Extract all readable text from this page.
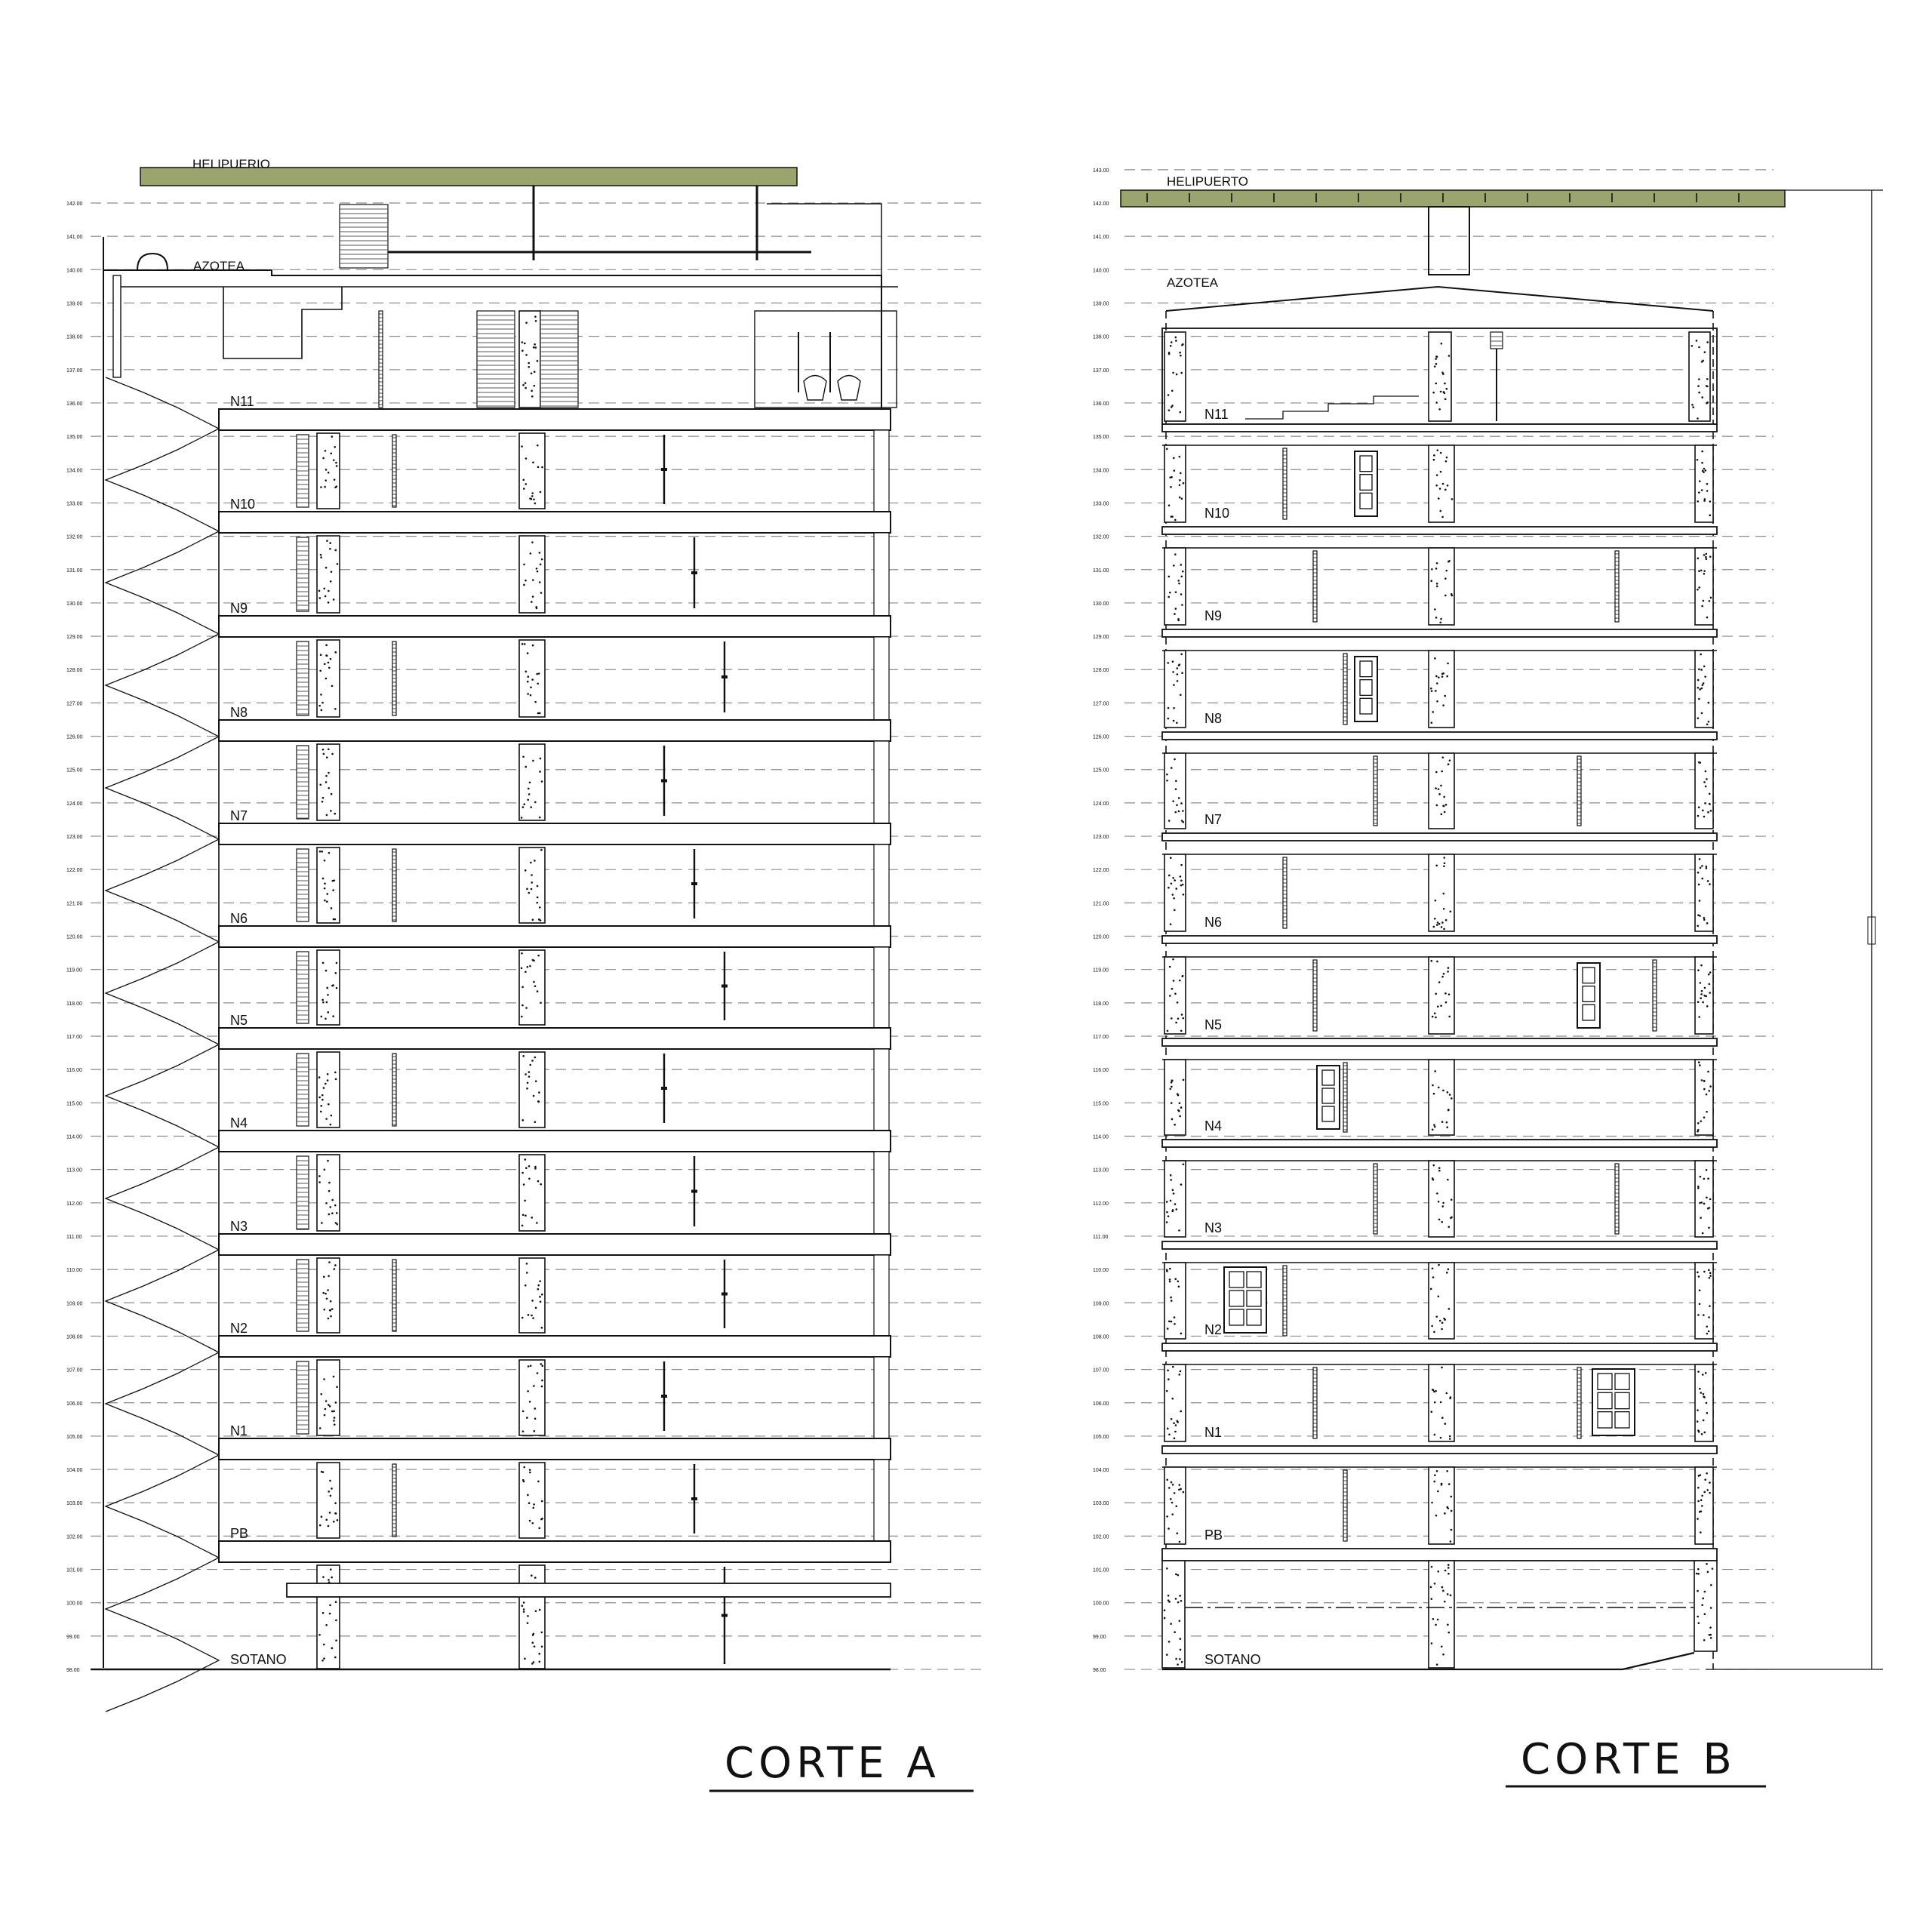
142.00	142.00
141.00	141.00
140.00	140.00
139.00	139.00
138.00	138.00
137.00	137.00
136.00	136.00
135.00	135.00
134.00	134.00
133.00	133.00
132.00	132.00
131.00	131.00
130.00	130.00
129.00	129.00
128.00	128.00
127.00	127.00
126.00	126.00
125.00	125.00
124.00	124.00
123.00	123.00
122.00	122.00
121.00	121.00
120.00	120.00
119.00	119.00
118.00	118.00
117.00	117.00
116.00	116.00
115.00	115.00
114.00	114.00
113.00	113.00
112.00	112.00
111.00	111.00
110.00	110.00
109.00	109.00
108.00	108.00
107.00	107.00
106.00	106.00
105.00	105.00
104.00	104.00
103.00	103.00
102.00	102.00
101.00	101.00
100.00	100.00
99.00	99.00
98.00	98.00
143.00
N11
N10
N9
N8
N7
N6
N5
N4
N3
N2
N1
PB
SOTANO
N11
N10
N9
N8
N7
N6
N5
N4
N3
N2
N1
PB
SOTANO
HELIPUERIO
AZOTEA
HELIPUERTO
AZOTEA
CORTE A	CORTE B
